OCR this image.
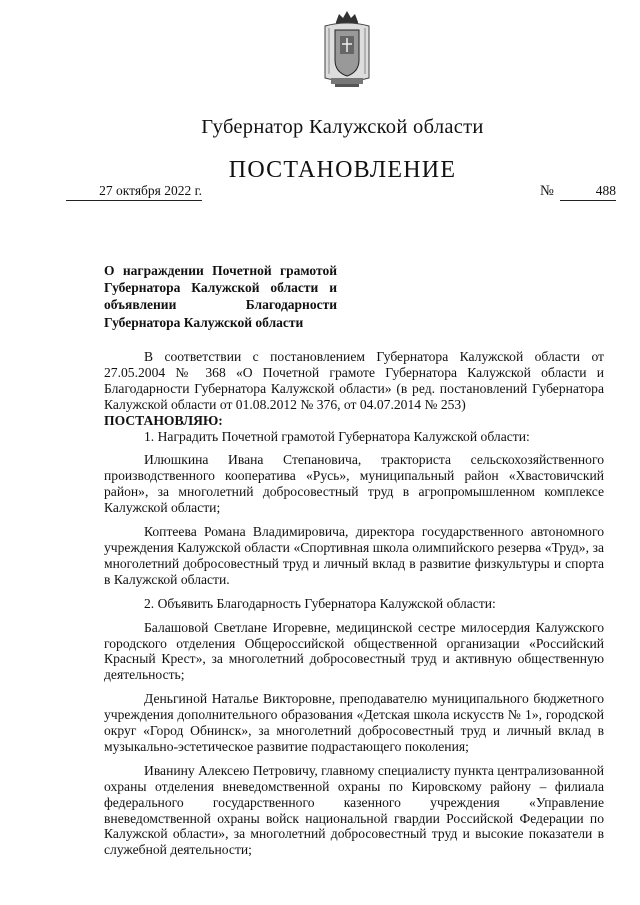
Губернатор Калужской области
ПОСТАНОВЛЕНИЕ
27 октября 2022 г.	№	488
О награждении Почетной грамотой Губернатора Калужской области и объявлении Благодарности Губернатора Калужской области

В соответствии с постановлением Губернатора Калужской области от 27.05.2004 № 368 «О Почетной грамоте Губернатора Калужской области и Благодарности Губернатора Калужской области» (в ред. постановлений Губернатора Калужской области от 01.08.2012 № 376, от 04.07.2014 № 253)

ПОСТАНОВЛЯЮ:

1. Наградить Почетной грамотой Губернатора Калужской области:

Илюшкина Ивана Степановича, тракториста сельскохозяйственного производственного кооператива «Русь», муниципальный район «Хвастовичский район», за многолетний добросовестный труд в агропромышленном комплексе Калужской области;

Коптеева Романа Владимировича, директора государственного автономного учреждения Калужской области «Спортивная школа олимпийского резерва «Труд», за многолетний добросовестный труд и личный вклад в развитие физкультуры и спорта в Калужской области.

2. Объявить Благодарность Губернатора Калужской области:

Балашовой Светлане Игоревне, медицинской сестре милосердия Калужского городского отделения Общероссийской общественной организации «Российский Красный Крест», за многолетний добросовестный труд и активную общественную деятельность;

Деньгиной Наталье Викторовне, преподавателю муниципального бюджетного учреждения дополнительного образования «Детская школа искусств № 1», городской округ «Город Обнинск», за многолетний добросовестный труд и личный вклад в музыкально-эстетическое развитие подрастающего поколения;

Иванину Алексею Петровичу, главному специалисту пункта централизованной охраны отделения вневедомственной охраны по Кировскому району – филиала федерального государственного казенного учреждения «Управление вневедомственной охраны войск национальной гвардии Российской Федерации по Калужской области», за многолетний добросовестный труд и высокие показатели в служебной деятельности;
